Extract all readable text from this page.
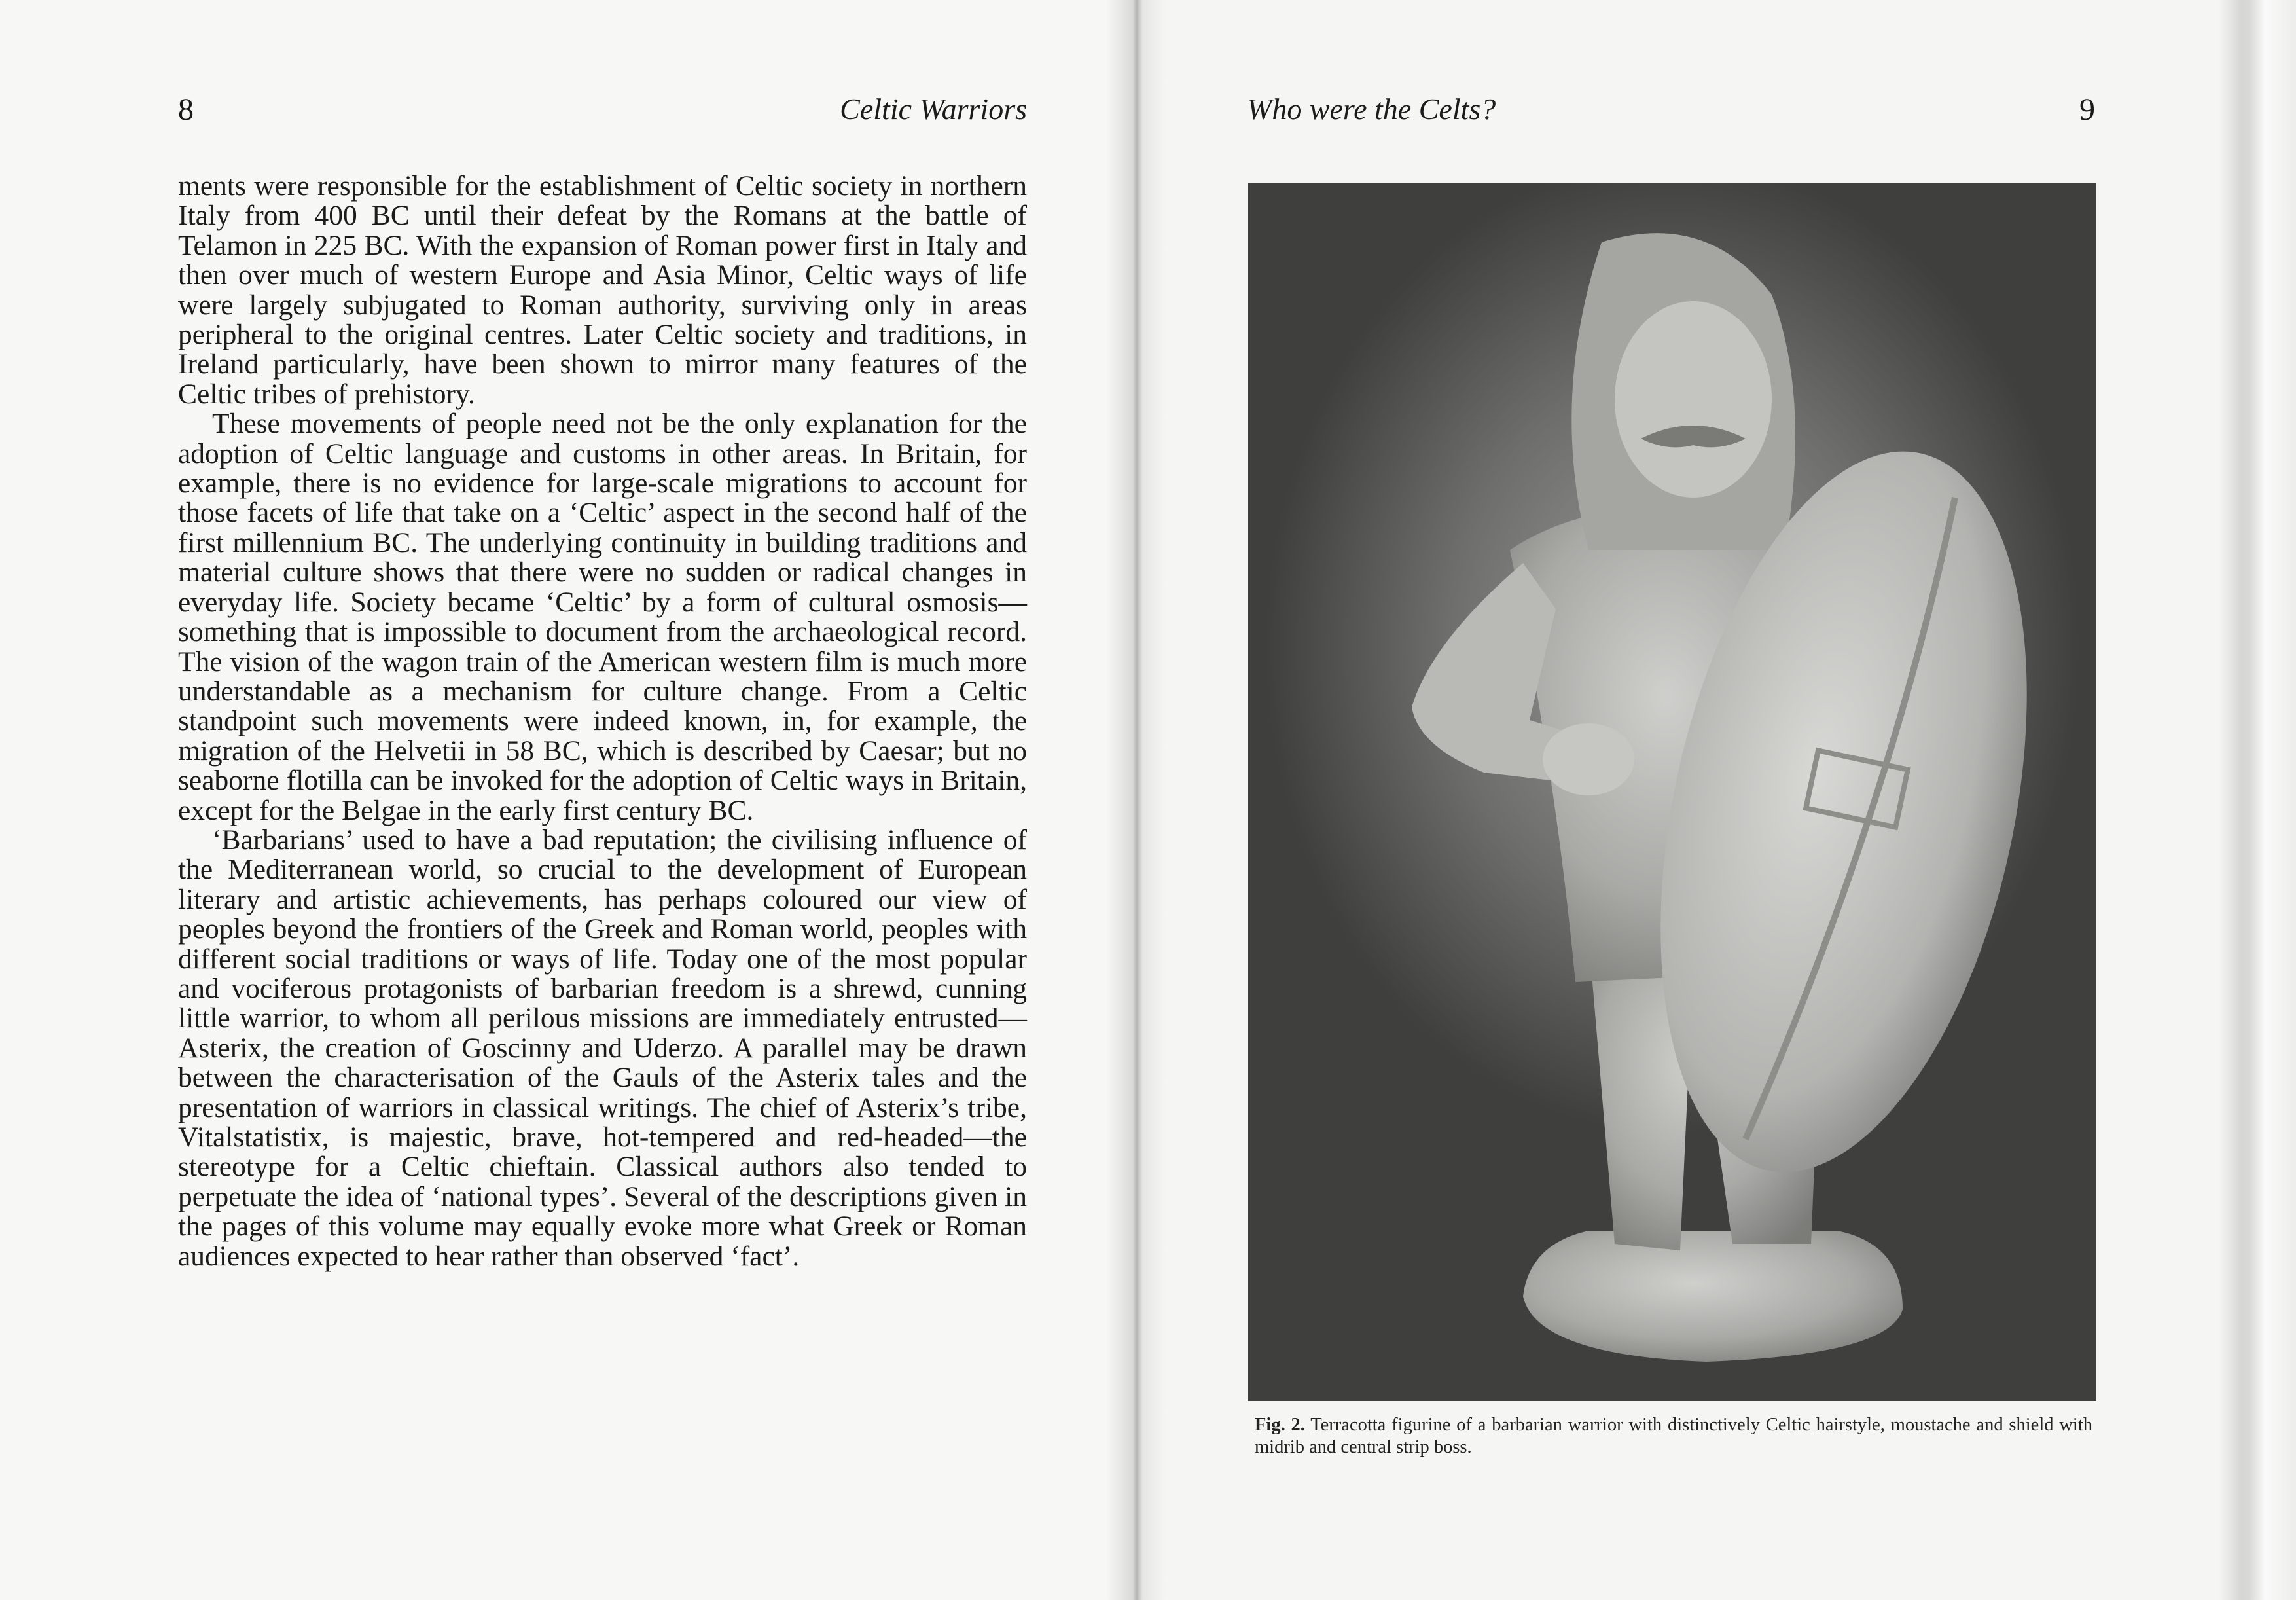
8	Celtic Warriors

ments were responsible for the establishment of Celtic society in northern Italy from 400 BC until their defeat by the Romans at the battle of Telamon in 225 BC. With the expansion of Roman power first in Italy and then over much of western Europe and Asia Minor, Celtic ways of life were largely subjugated to Roman authority, surviving only in areas peripheral to the original centres. Later Celtic society and traditions, in Ireland particularly, have been shown to mirror many features of the Celtic tribes of prehistory.

These movements of people need not be the only explanation for the adoption of Celtic language and customs in other areas. In Britain, for example, there is no evidence for large-scale migrations to account for those facets of life that take on a ‘Celtic’ aspect in the second half of the first millennium BC. The underlying continuity in building traditions and material culture shows that there were no sudden or radical changes in everyday life. Society became ‘Celtic’ by a form of cultural osmosis—something that is impossible to document from the archaeological record. The vision of the wagon train of the American western film is much more understandable as a mechanism for culture change. From a Celtic standpoint such movements were indeed known, in, for example, the migration of the Helvetii in 58 BC, which is described by Caesar; but no seaborne flotilla can be invoked for the adoption of Celtic ways in Britain, except for the Belgae in the early first century BC.

‘Barbarians’ used to have a bad reputation; the civilising influence of the Mediterranean world, so crucial to the development of European literary and artistic achievements, has perhaps coloured our view of peoples beyond the frontiers of the Greek and Roman world, peoples with different social traditions or ways of life. Today one of the most popular and vociferous protagonists of barbarian freedom is a shrewd, cunning little warrior, to whom all perilous missions are immediately entrusted—Asterix, the creation of Goscinny and Uderzo. A parallel may be drawn between the characterisation of the Gauls of the Asterix tales and the presentation of warriors in classical writings. The chief of Asterix’s tribe, Vitalstatistix, is majestic, brave, hot-tempered and red-headed—the stereotype for a Celtic chieftain. Classical authors also tended to perpetuate the idea of ‘national types’. Several of the descriptions given in the pages of this volume may equally evoke more what Greek or Roman audiences expected to hear rather than observed ‘fact’.

Who were the Celts?	9
Fig. 2. Terracotta figurine of a barbarian warrior with distinctively Celtic hairstyle, moustache and shield with midrib and central strip boss.
